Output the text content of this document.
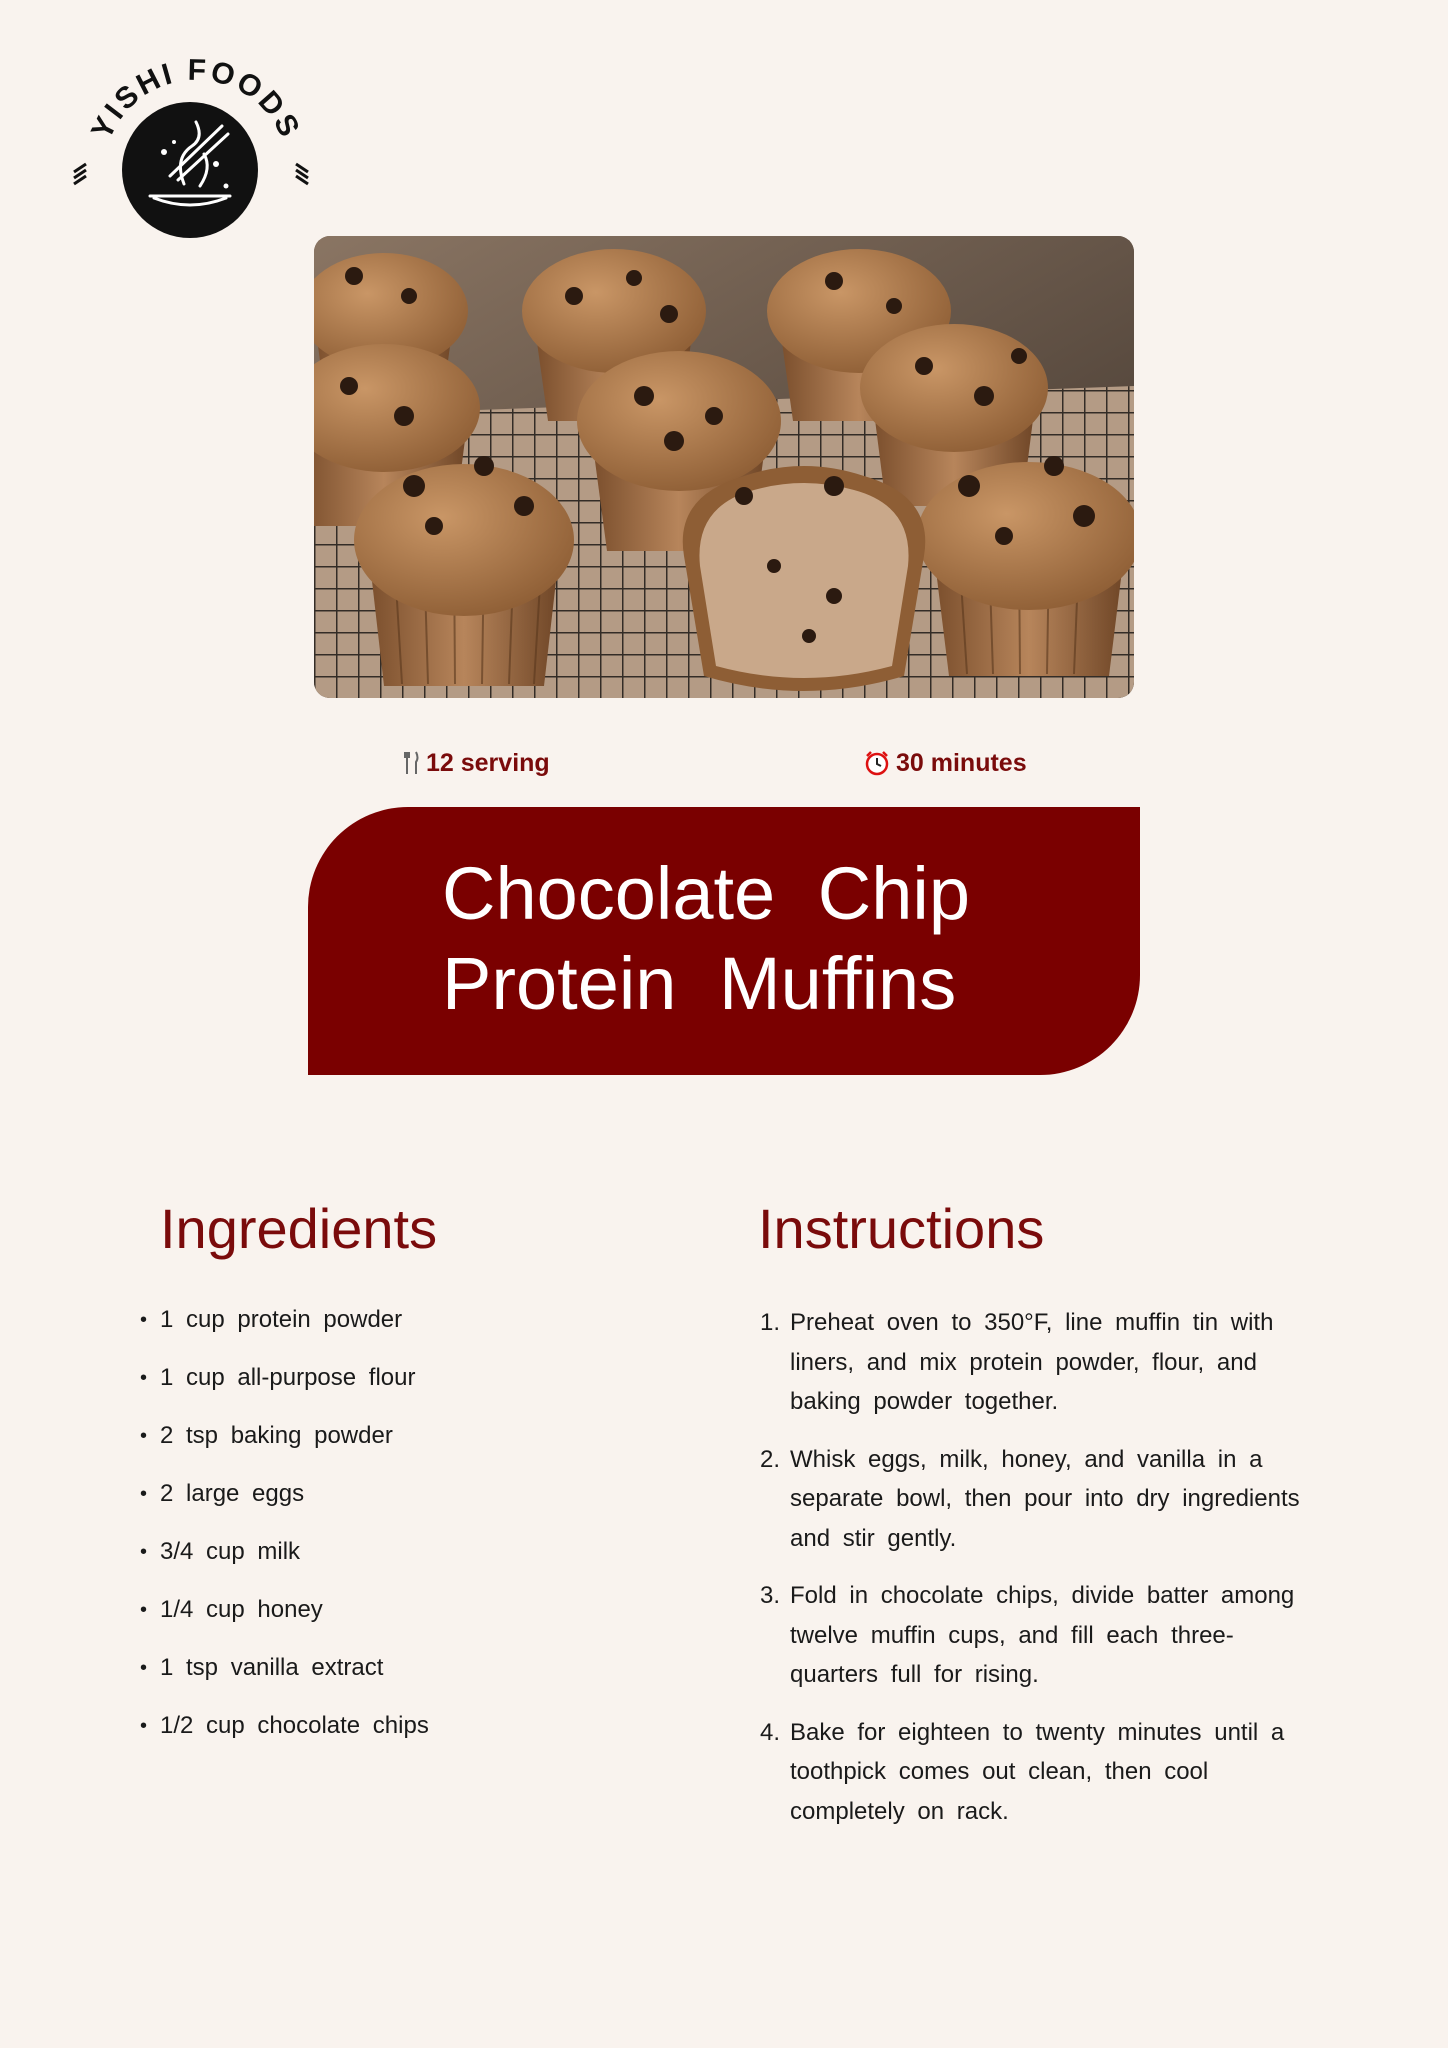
YISHI FOODS
12 serving	30 minutes
Chocolate Chip
Protein Muffins
Ingredients
• 1 cup protein powder
• 1 cup all-purpose flour
• 2 tsp baking powder
• 2 large eggs
• 3/4 cup milk
• 1/4 cup honey
• 1 tsp vanilla extract
• 1/2 cup chocolate chips
Instructions
1. Preheat oven to 350°F, line muffin tin with liners, and mix protein powder, flour, and baking powder together.
2. Whisk eggs, milk, honey, and vanilla in a separate bowl, then pour into dry ingredients and stir gently.
3. Fold in chocolate chips, divide batter among twelve muffin cups, and fill each three-quarters full for rising.
4. Bake for eighteen to twenty minutes until a toothpick comes out clean, then cool completely on rack.
